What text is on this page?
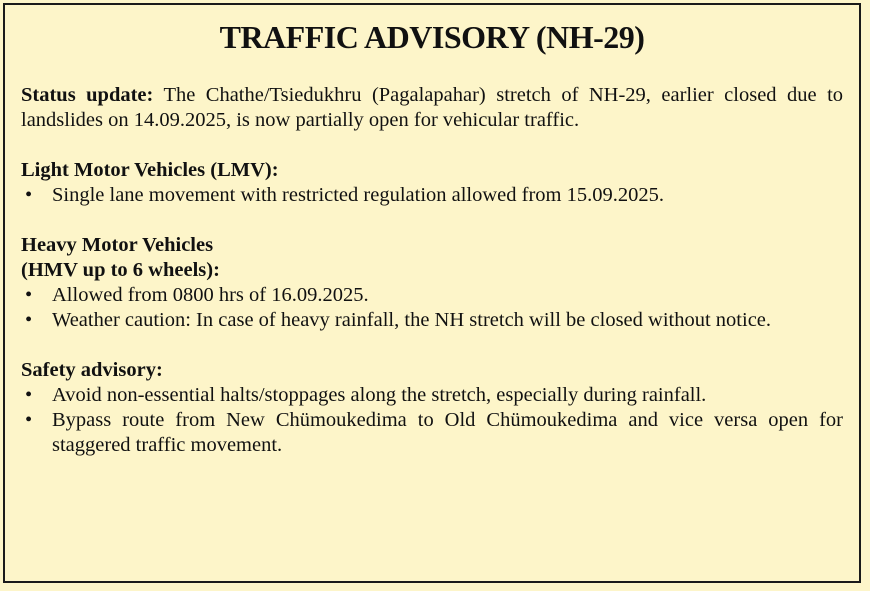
TRAFFIC ADVISORY (NH-29)

Status update: The Chathe/Tsiedukhru (Pagalapahar) stretch of NH-29, earlier closed due to landslides on 14.09.2025, is now partially open for vehicular traffic.

Light Motor Vehicles (LMV):

• Single lane movement with restricted regulation allowed from 15.09.2025.

Heavy Motor Vehicles

(HMV up to 6 wheels):

• Allowed from 0800 hrs of 16.09.2025.
• Weather caution: In case of heavy rainfall, the NH stretch will be closed without notice.

Safety advisory:

• Avoid non-essential halts/stoppages along the stretch, especially during rainfall.
• Bypass route from New Chümoukedima to Old Chümoukedima and vice versa open for staggered traffic movement.
